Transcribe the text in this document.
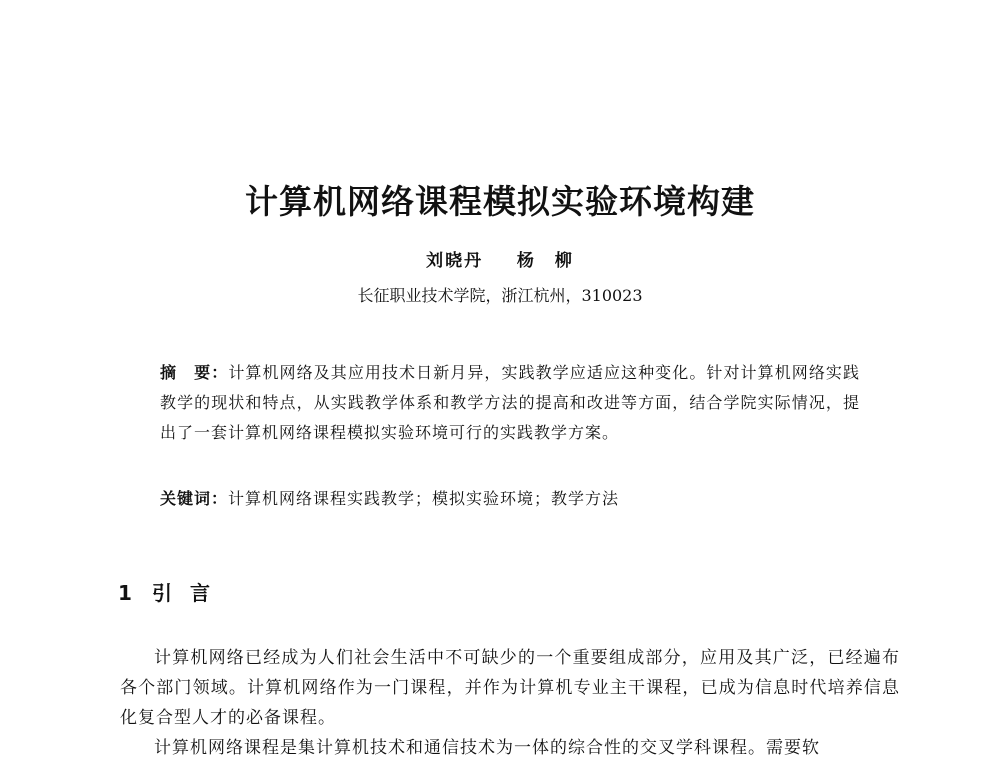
计算机网络课程模拟实验环境构建
刘晓丹 杨　柳
长征职业技术学院，浙江杭州，310023
摘　要：计算机网络及其应用技术日新月异，实践教学应适应这种变化。针对计算机网络实践教学的现状和特点，从实践教学体系和教学方法的提高和改进等方面，结合学院实际情况，提出了一套计算机网络课程模拟实验环境可行的实践教学方案。
关键词：计算机网络课程实践教学；模拟实验环境；教学方法
1 引言

计算机网络已经成为人们社会生活中不可缺少的一个重要组成部分，应用及其广泛，已经遍布各个部门领域。计算机网络作为一门课程，并作为计算机专业主干课程，已成为信息时代培养信息化复合型人才的必备课程。

计算机网络课程是集计算机技术和通信技术为一体的综合性的交叉学科课程。需要软
